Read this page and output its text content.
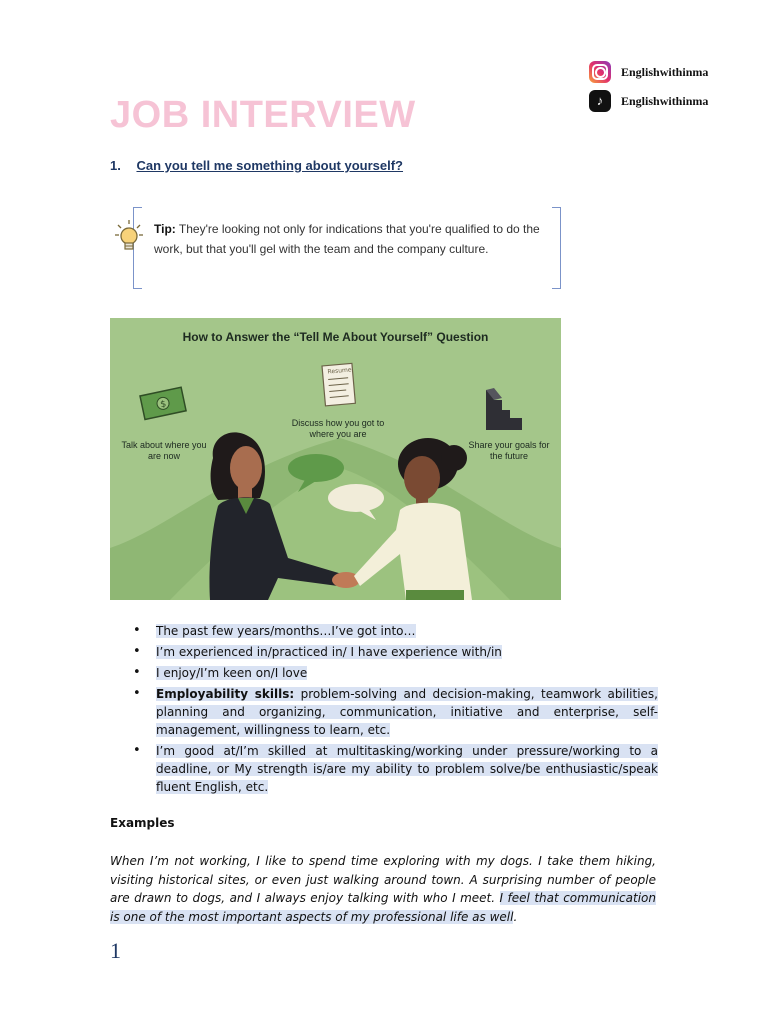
Englishwithinma
♪	Englishwithinma
JOB INTERVIEW
1. Can you tell me something about yourself?
Tip: They're looking not only for indications that you're qualified to do the work, but that you'll gel with the team and the company culture.
$
Resume
How to Answer the “Tell Me About Yourself” Question
Talk about where you are now
Discuss how you got to where you are
Share your goals for the future
• The past few years/months…I’ve got into…
• I’m experienced in/practiced in/ I have experience with/in
• I enjoy/I’m keen on/I love
• Employability skills: problem-solving and decision-making, teamwork abilities, planning and organizing, communication, initiative and enterprise, self-management, willingness to learn, etc.
• I’m good at/I’m skilled at multitasking/working under pressure/working to a deadline, or My strength is/are my ability to problem solve/be enthusiastic/speak fluent English, etc.
Examples
When I’m not working, I like to spend time exploring with my dogs. I take them hiking, visiting historical sites, or even just walking around town. A surprising number of people are drawn to dogs, and I always enjoy talking with who I meet. I feel that communication is one of the most important aspects of my professional life as well.
1
